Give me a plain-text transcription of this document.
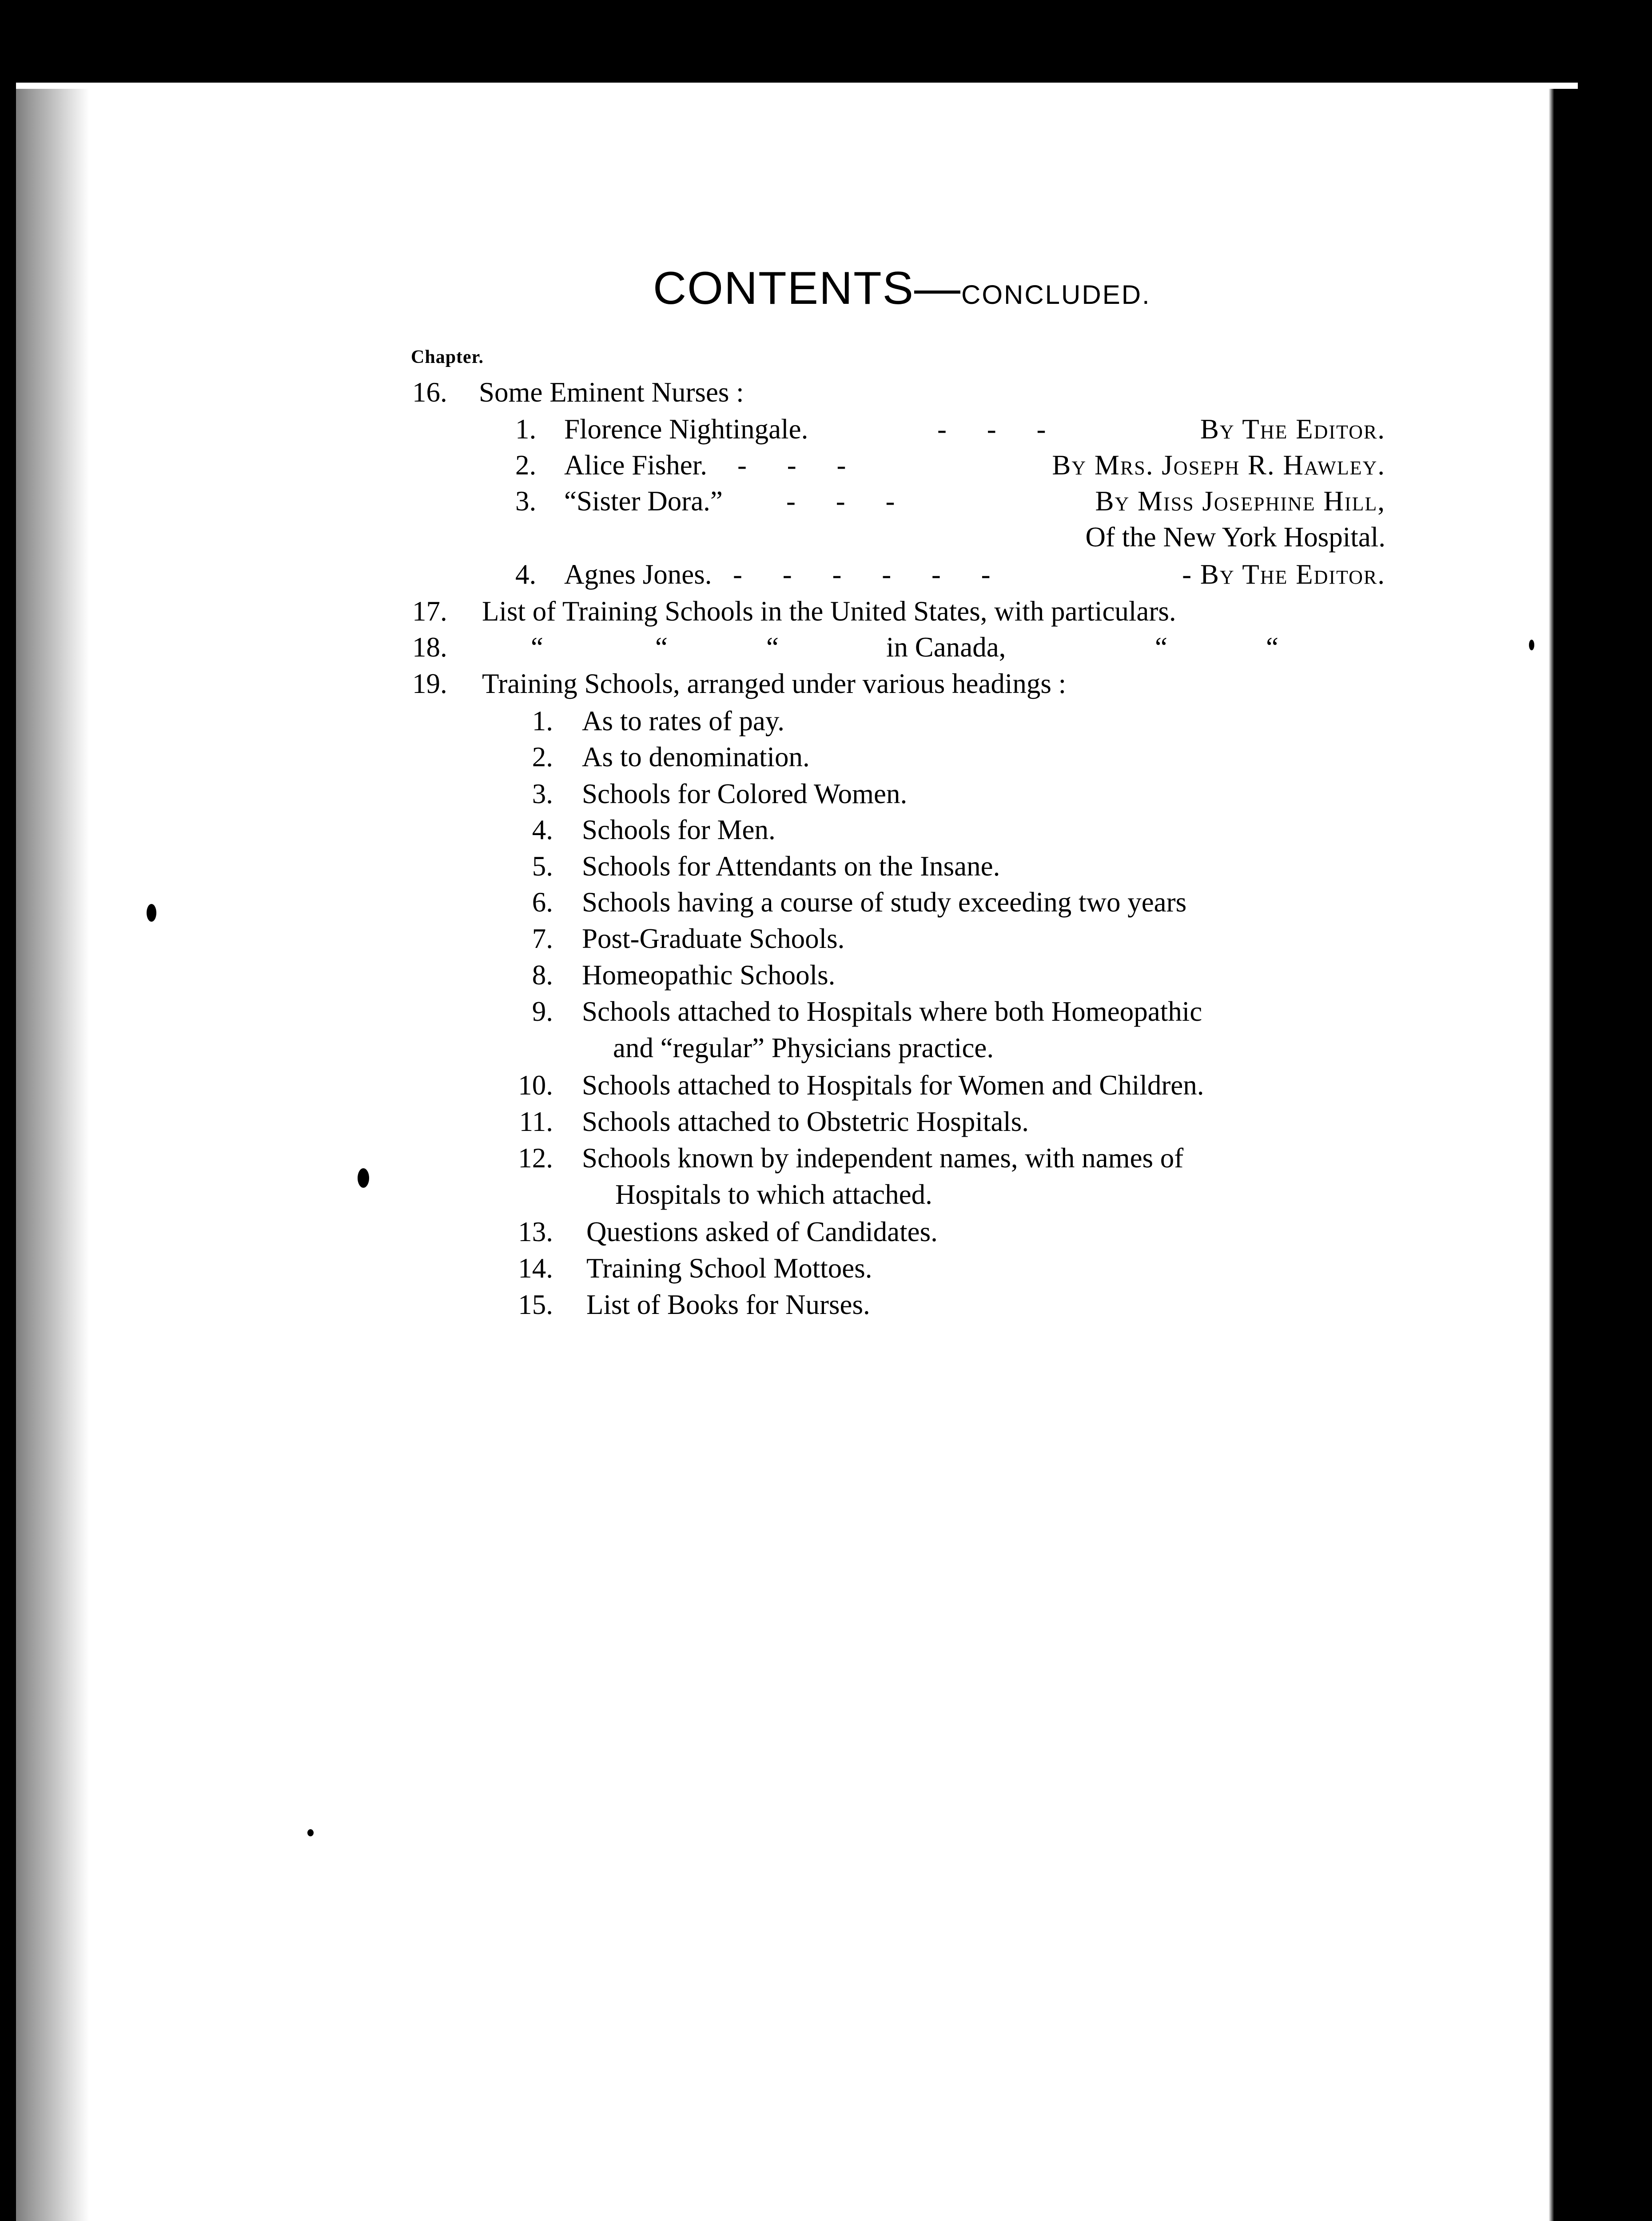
CONTENTS—CONCLUDED.
Chapter.
16. Some Eminent Nurses :
1. Florence Nightingale.	-     -     -	By The Editor.
2. Alice Fisher. -     -     -	By Mrs. Joseph R. Hawley.
3. “Sister Dora.” -     -     -	By Miss Josephine Hill,
Of the New York Hospital.
4. Agnes Jones. -     -     -     -     -     -	- By The Editor.
17. List of Training Schools in the United States, with particulars.
18.	“	“	“	in Canada,	“	“
19. Training Schools, arranged under various headings :
1. As to rates of pay.
2. As to denomination.
3. Schools for Colored Women.
4. Schools for Men.
5. Schools for Attendants on the Insane.
6. Schools having a course of study exceeding two years
7. Post-Graduate Schools.
8. Homeopathic Schools.
9. Schools attached to Hospitals where both Homeopathic
and “regular” Physicians practice.
10. Schools attached to Hospitals for Women and Children.
11. Schools attached to Obstetric Hospitals.
12. Schools known by independent names, with names of
Hospitals to which attached.
13. Questions asked of Candidates.
14. Training School Mottoes.
15. List of Books for Nurses.
